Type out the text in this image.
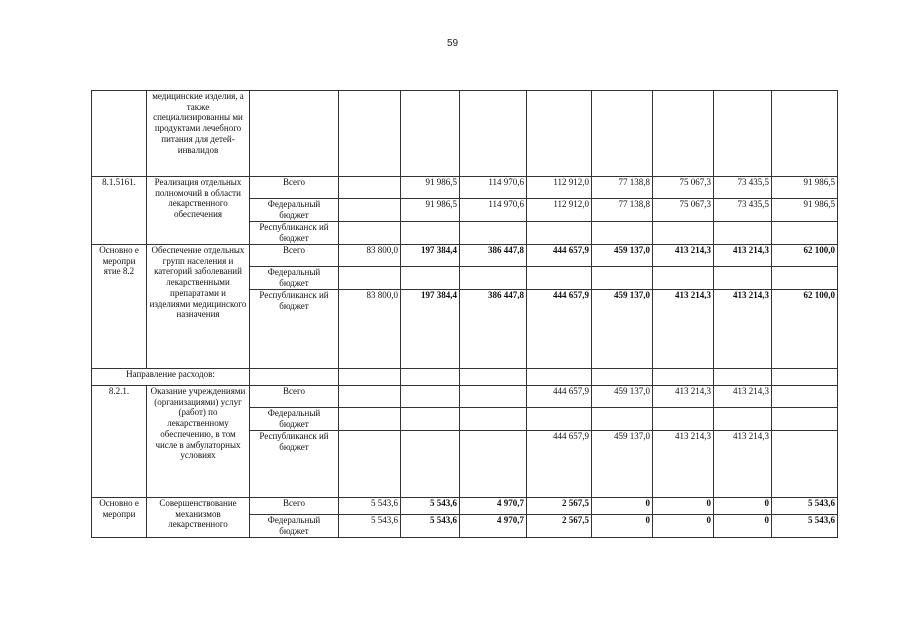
59
	медицинские изделия, а также специализированны ми продуктами лечебного питания для детей-инвалидов									
8.1.5161.	Реализация отдельных полномочий в области лекарственного обеспечения	Всего		91 986,5	114 970,6	112 912,0	77 138,8	75 067,3	73 435,5	91 986,5
		Федеральный бюджет		91 986,5	114 970,6	112 912,0	77 138,8	75 067,3	73 435,5	91 986,5
		Республиканск ий бюджет								
Основно е меропри ятие 8.2	Обеспечение отдельных групп населения и категорий заболеваний лекарственными препаратами и изделиями медицинского назначения	Всего	83 800,0	197 384,4	386 447,8	444 657,9	459 137,0	413 214,3	413 214,3	62 100,0
		Федеральный бюджет								
		Республиканск ий бюджет	83 800,0	197 384,4	386 447,8	444 657,9	459 137,0	413 214,3	413 214,3	62 100,0
Направление расходов:										
8.2.1.	Оказание учреждениями (организациями) услуг (работ) по лекарственному обеспечению, в том числе в амбулаторных условиях	Всего				444 657,9	459 137,0	413 214,3	413 214,3	
		Федеральный бюджет								
		Республиканск ий бюджет				444 657,9	459 137,0	413 214,3	413 214,3	
Основно е меропри	Совершенствование механизмов лекарственного	Всего	5 543,6	5 543,6	4 970,7	2 567,5	0	0	0	5 543,6
		Федеральный бюджет	5 543,6	5 543,6	4 970,7	2 567,5	0	0	0	5 543,6
